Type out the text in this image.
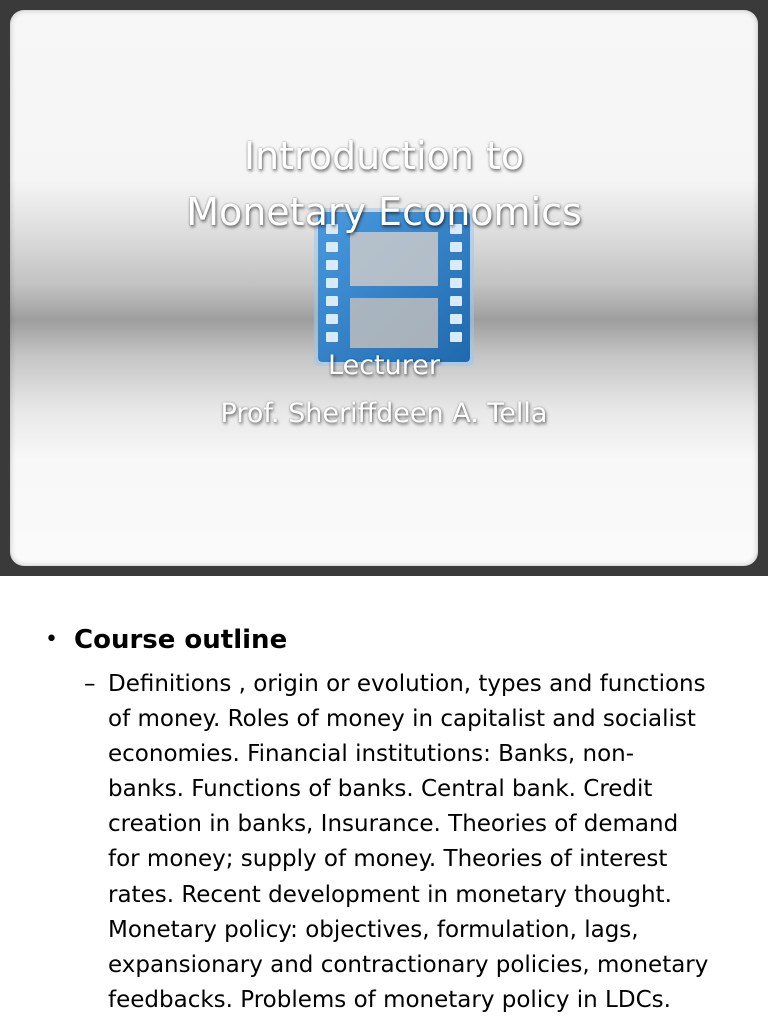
Introduction to
Monetary Economics
Lecturer
Prof. Sheriffdeen A. Tella
• Course outline
– Definitions , origin or evolution, types and functions
of money. Roles of money in capitalist and socialist
economies. Financial institutions: Banks, non-
banks. Functions of banks. Central bank. Credit
creation in banks, Insurance. Theories of demand
for money; supply of money. Theories of interest
rates. Recent development in monetary thought.
Monetary policy: objectives, formulation, lags,
expansionary and contractionary policies, monetary
feedbacks. Problems of monetary policy in LDCs.
